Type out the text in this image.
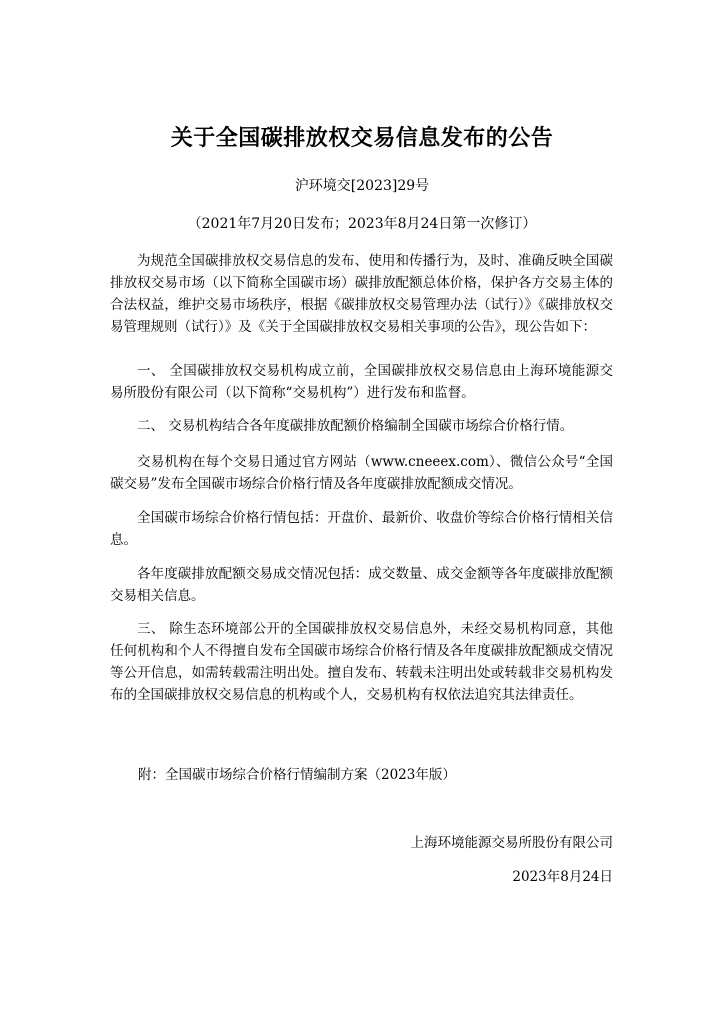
关于全国碳排放权交易信息发布的公告
沪环境交[2023]29号
（2021年7月20日发布；2023年8月24日第一次修订）

为规范全国碳排放权交易信息的发布、使用和传播行为，及时、准确反映全国碳排放权交易市场（以下简称全国碳市场）碳排放配额总体价格，保护各方交易主体的合法权益，维护交易市场秩序，根据《碳排放权交易管理办法（试行）》《碳排放权交易管理规则（试行）》及《关于全国碳排放权交易相关事项的公告》，现公告如下：

一、 全国碳排放权交易机构成立前，全国碳排放权交易信息由上海环境能源交易所股份有限公司（以下简称“交易机构”）进行发布和监督。

二、 交易机构结合各年度碳排放配额价格编制全国碳市场综合价格行情。

交易机构在每个交易日通过官方网站（www.cneeex.com）、微信公众号“全国碳交易”发布全国碳市场综合价格行情及各年度碳排放配额成交情况。

全国碳市场综合价格行情包括：开盘价、最新价、收盘价等综合价格行情相关信息。

各年度碳排放配额交易成交情况包括：成交数量、成交金额等各年度碳排放配额交易相关信息。

三、 除生态环境部公开的全国碳排放权交易信息外，未经交易机构同意，其他任何机构和个人不得擅自发布全国碳市场综合价格行情及各年度碳排放配额成交情况等公开信息，如需转载需注明出处。擅自发布、转载未注明出处或转载非交易机构发布的全国碳排放权交易信息的机构或个人，交易机构有权依法追究其法律责任。

附：全国碳市场综合价格行情编制方案（2023年版）
上海环境能源交易所股份有限公司
2023年8月24日
